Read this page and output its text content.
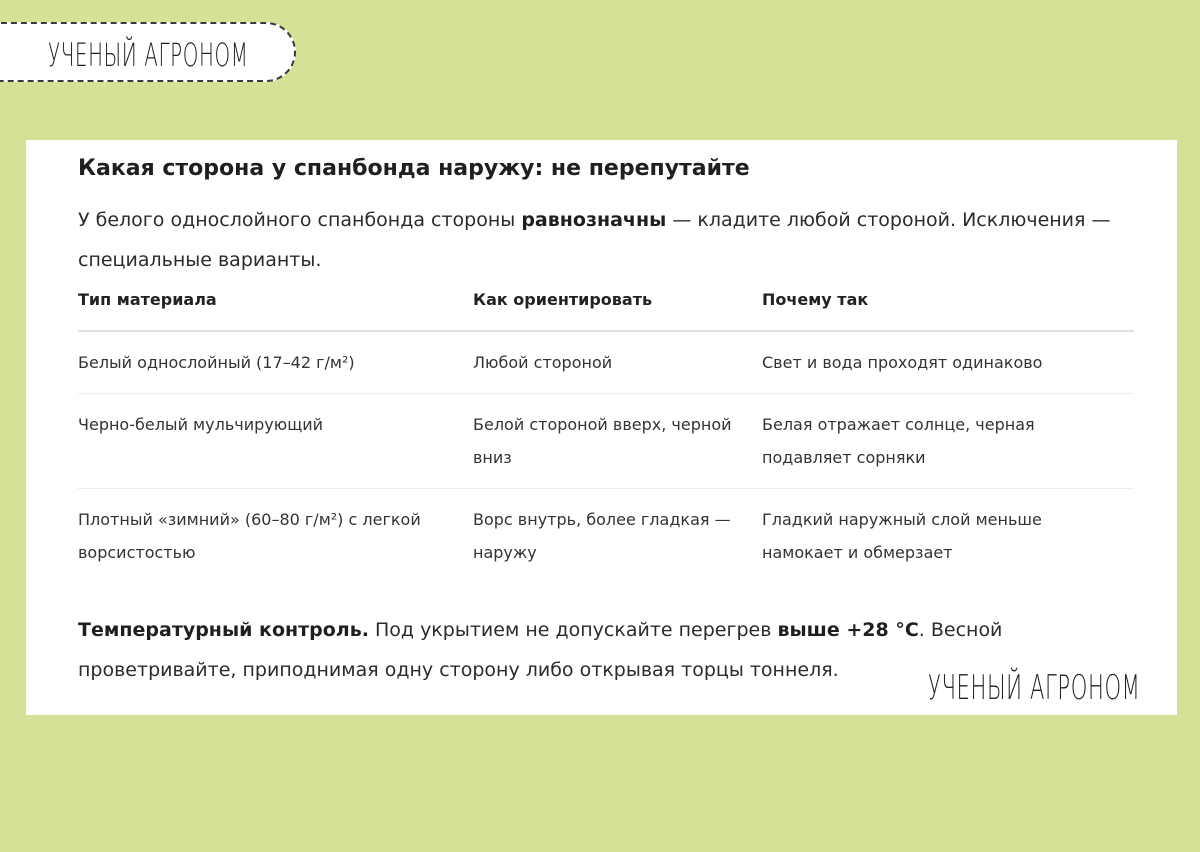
УЧЕНЫЙ АГРОНОМ
Какая сторона у спанбонда наружу: не перепутайте

У белого однослойного спанбонда стороны равнозначны — кладите любой стороной. Исключения — специальные варианты.

Тип материала	Как ориентировать	Почему так
Белый однослойный (17–42 г/м²)	Любой стороной	Свет и вода проходят одинаково
Черно-белый мульчирующий	Белой стороной вверх, черной вниз	Белая отражает солнце, черная подавляет сорняки
Плотный «зимний» (60–80 г/м²) с легкой ворсистостью	Ворс внутрь, более гладкая — наружу	Гладкий наружный слой меньше намокает и обмерзает

Температурный контроль. Под укрытием не допускайте перегрев выше +28 °C. Весной проветривайте, приподнимая одну сторону либо открывая торцы тоннеля.	УЧЕНЫЙ АГРОНОМ
